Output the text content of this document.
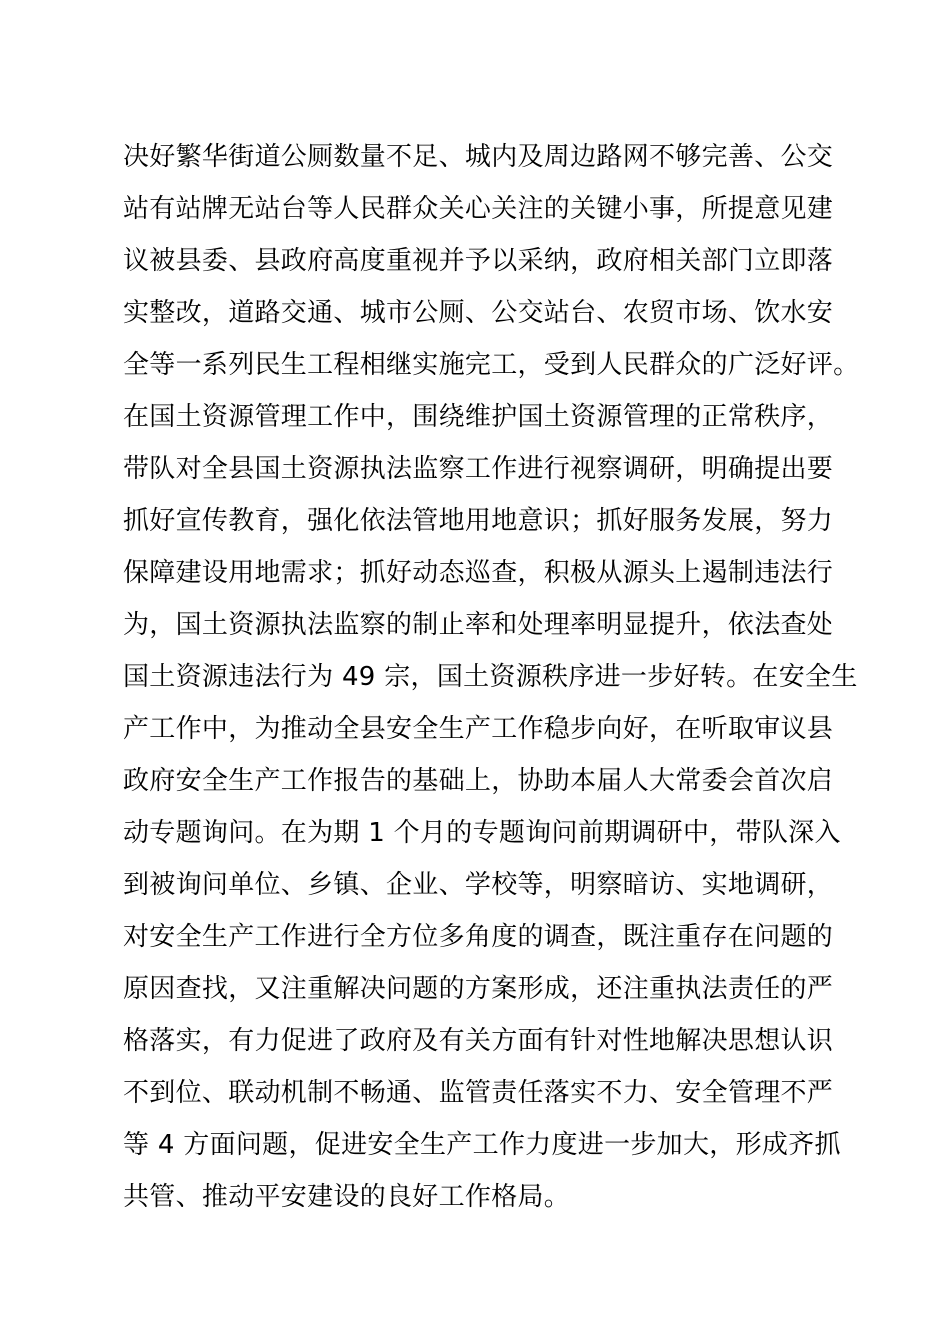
决好繁华街道公厕数量不足、城内及周边路网不够完善、公交
站有站牌无站台等人民群众关心关注的关键小事，所提意见建
议被县委、县政府高度重视并予以采纳，政府相关部门立即落
实整改，道路交通、城市公厕、公交站台、农贸市场、饮水安
全等一系列民生工程相继实施完工，受到人民群众的广泛好评。
在国土资源管理工作中，围绕维护国土资源管理的正常秩序，
带队对全县国土资源执法监察工作进行视察调研，明确提出要
抓好宣传教育，强化依法管地用地意识；抓好服务发展，努力
保障建设用地需求；抓好动态巡查，积极从源头上遏制违法行
为，国土资源执法监察的制止率和处理率明显提升，依法查处
国土资源违法行为 49 宗，国土资源秩序进一步好转。在安全生
产工作中，为推动全县安全生产工作稳步向好，在听取审议县
政府安全生产工作报告的基础上，协助本届人大常委会首次启
动专题询问。在为期 1 个月的专题询问前期调研中，带队深入
到被询问单位、乡镇、企业、学校等，明察暗访、实地调研，
对安全生产工作进行全方位多角度的调查，既注重存在问题的
原因查找，又注重解决问题的方案形成，还注重执法责任的严
格落实，有力促进了政府及有关方面有针对性地解决思想认识
不到位、联动机制不畅通、监管责任落实不力、安全管理不严
等 4 方面问题，促进安全生产工作力度进一步加大，形成齐抓
共管、推动平安建设的良好工作格局。
